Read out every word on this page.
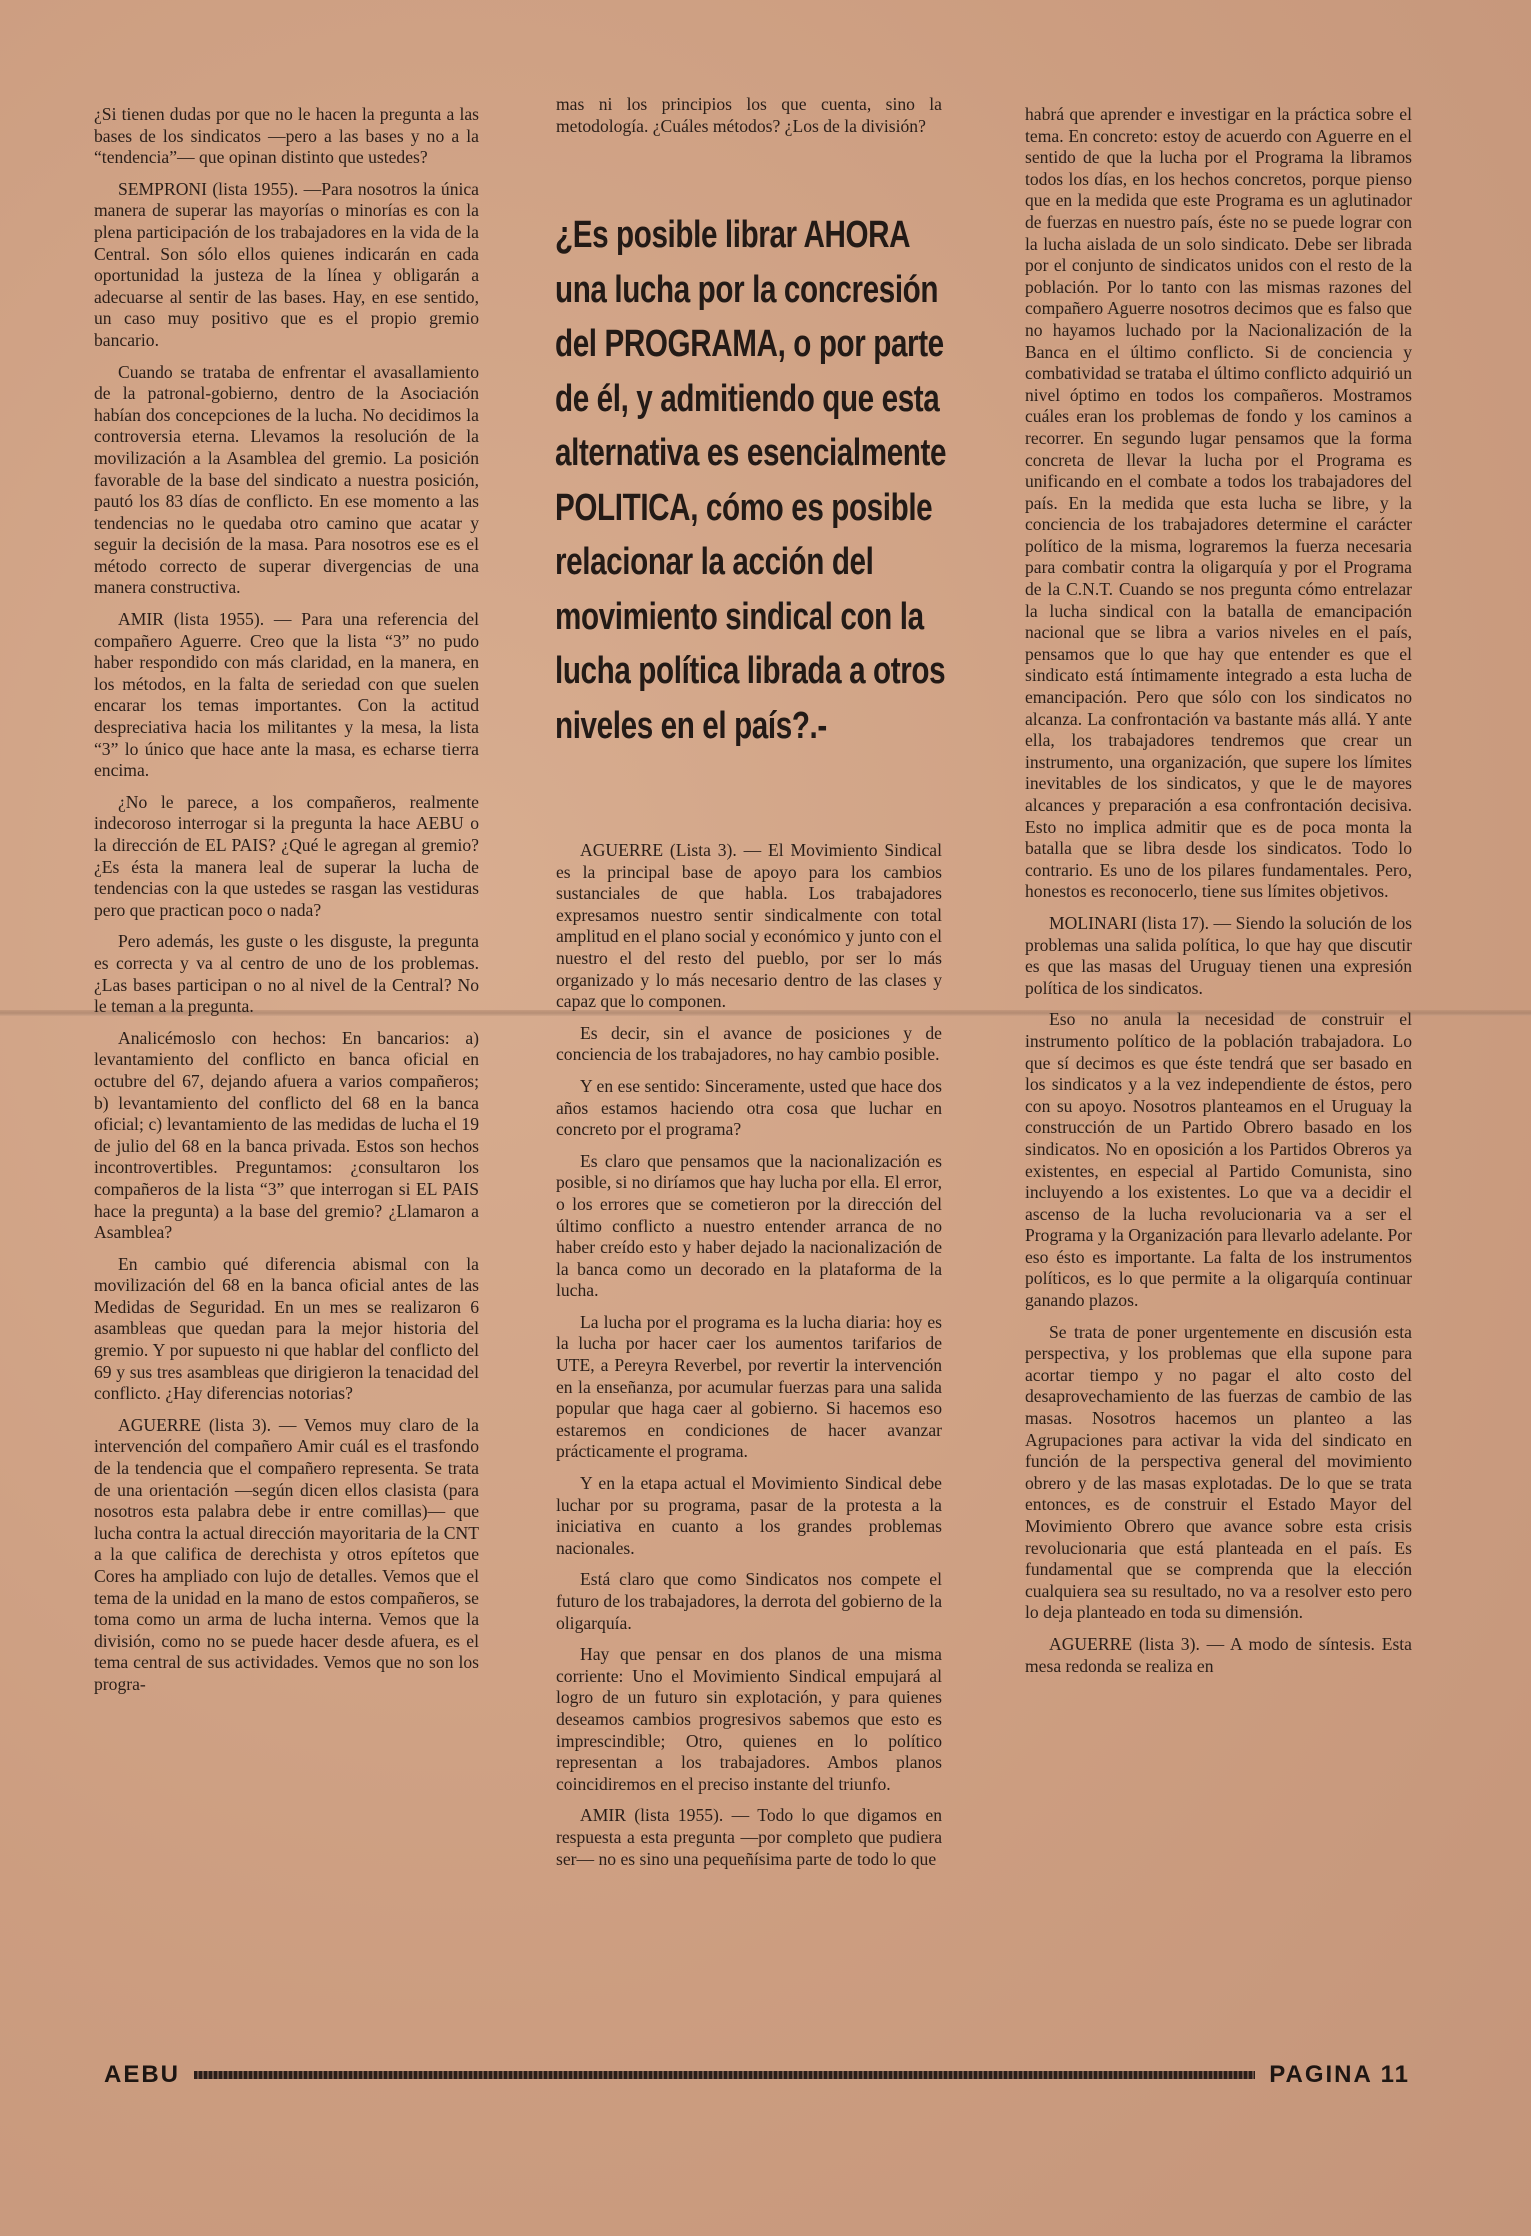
¿Si tienen dudas por que no le hacen la pregunta a las bases de los sindicatos —pero a las bases y no a la “tendencia”— que opinan distinto que ustedes?

SEMPRONI (lista 1955). —Para nosotros la única manera de superar las mayorías o minorías es con la plena participación de los trabajadores en la vida de la Central. Son sólo ellos quienes indicarán en cada oportunidad la justeza de la línea y obligarán a adecuarse al sentir de las bases. Hay, en ese sentido, un caso muy positivo que es el propio gremio bancario.

Cuando se trataba de enfrentar el avasallamiento de la patronal-gobierno, dentro de la Asociación habían dos concepciones de la lucha. No decidimos la controversia eterna. Llevamos la resolución de la movilización a la Asamblea del gremio. La posición favorable de la base del sindicato a nuestra posición, pautó los 83 días de conflicto. En ese momento a las tendencias no le quedaba otro camino que acatar y seguir la decisión de la masa. Para nosotros ese es el método correcto de superar divergencias de una manera constructiva.

AMIR (lista 1955). — Para una referencia del compañero Aguerre. Creo que la lista “3” no pudo haber respondido con más claridad, en la manera, en los métodos, en la falta de seriedad con que suelen encarar los temas importantes. Con la actitud despreciativa hacia los militantes y la mesa, la lista “3” lo único que hace ante la masa, es echarse tierra encima.

¿No le parece, a los compañeros, realmente indecoroso interrogar si la pregunta la hace AEBU o la dirección de EL PAIS? ¿Qué le agregan al gremio? ¿Es ésta la manera leal de superar la lucha de tendencias con la que ustedes se rasgan las vestiduras pero que practican poco o nada?

Pero además, les guste o les disguste, la pregunta es correcta y va al centro de uno de los problemas. ¿Las bases participan o no al nivel de la Central? No le teman a la pregunta.

Analicémoslo con hechos: En bancarios: a) levantamiento del conflicto en banca oficial en octubre del 67, dejando afuera a varios compañeros; b) levantamiento del conflicto del 68 en la banca oficial; c) levantamiento de las medidas de lucha el 19 de julio del 68 en la banca privada. Estos son hechos incontrovertibles. Preguntamos: ¿consultaron los compañeros de la lista “3” que interrogan si EL PAIS hace la pregunta) a la base del gremio? ¿Llamaron a Asamblea?

En cambio qué diferencia abismal con la movilización del 68 en la banca oficial antes de las Medidas de Seguridad. En un mes se realizaron 6 asambleas que quedan para la mejor historia del gremio. Y por supuesto ni que hablar del conflicto del 69 y sus tres asambleas que dirigieron la tenacidad del conflicto. ¿Hay diferencias notorias?

AGUERRE (lista 3). — Vemos muy claro de la intervención del compañero Amir cuál es el trasfondo de la tendencia que el compañero representa. Se trata de una orientación —según dicen ellos clasista (para nosotros esta palabra debe ir entre comillas)— que lucha contra la actual dirección mayoritaria de la CNT a la que califica de derechista y otros epítetos que Cores ha ampliado con lujo de detalles. Vemos que el tema de la unidad en la mano de estos compañeros, se toma como un arma de lucha interna. Vemos que la división, como no se puede hacer desde afuera, es el tema central de sus actividades. Vemos que no son los progra-

mas ni los principios los que cuenta, sino la metodología. ¿Cuáles métodos? ¿Los de la división?

¿Es posible librar AHORA una lucha por la concresión del PROGRAMA, o por parte de él, y admitiendo que esta alternativa es esencialmente POLITICA, cómo es posible relacionar la acción del movimiento sindical con la lucha política librada a otros niveles en el país?.-

AGUERRE (Lista 3). — El Movimiento Sindical es la principal base de apoyo para los cambios sustanciales de que habla. Los trabajadores expresamos nuestro sentir sindicalmente con total amplitud en el plano social y económico y junto con el nuestro el del resto del pueblo, por ser lo más organizado y lo más necesario dentro de las clases y capaz que lo componen.

Es decir, sin el avance de posiciones y de conciencia de los trabajadores, no hay cambio posible.

Y en ese sentido: Sinceramente, usted que hace dos años estamos haciendo otra cosa que luchar en concreto por el programa?

Es claro que pensamos que la nacionalización es posible, si no diríamos que hay lucha por ella. El error, o los errores que se cometieron por la dirección del último conflicto a nuestro entender arranca de no haber creído esto y haber dejado la nacionalización de la banca como un decorado en la plataforma de la lucha.

La lucha por el programa es la lucha diaria: hoy es la lucha por hacer caer los aumentos tarifarios de UTE, a Pereyra Reverbel, por revertir la intervención en la enseñanza, por acumular fuerzas para una salida popular que haga caer al gobierno. Si hacemos eso estaremos en condiciones de hacer avanzar prácticamente el programa.

Y en la etapa actual el Movimiento Sindical debe luchar por su programa, pasar de la protesta a la iniciativa en cuanto a los grandes problemas nacionales.

Está claro que como Sindicatos nos compete el futuro de los trabajadores, la derrota del gobierno de la oligarquía.

Hay que pensar en dos planos de una misma corriente: Uno el Movimiento Sindical empujará al logro de un futuro sin explotación, y para quienes deseamos cambios progresivos sabemos que esto es imprescindible; Otro, quienes en lo político representan a los trabajadores. Ambos planos coincidiremos en el preciso instante del triunfo.

AMIR (lista 1955). — Todo lo que digamos en respuesta a esta pregunta —por completo que pudiera ser— no es sino una pequeñísima parte de todo lo que

habrá que aprender e investigar en la práctica sobre el tema. En concreto: estoy de acuerdo con Aguerre en el sentido de que la lucha por el Programa la libramos todos los días, en los hechos concretos, porque pienso que en la medida que este Programa es un aglutinador de fuerzas en nuestro país, éste no se puede lograr con la lucha aislada de un solo sindicato. Debe ser librada por el conjunto de sindicatos unidos con el resto de la población. Por lo tanto con las mismas razones del compañero Aguerre nosotros decimos que es falso que no hayamos luchado por la Nacionalización de la Banca en el último conflicto. Si de conciencia y combatividad se trataba el último conflicto adquirió un nivel óptimo en todos los compañeros. Mostramos cuáles eran los problemas de fondo y los caminos a recorrer. En segundo lugar pensamos que la forma concreta de llevar la lucha por el Programa es unificando en el combate a todos los trabajadores del país. En la medida que esta lucha se libre, y la conciencia de los trabajadores determine el carácter político de la misma, lograremos la fuerza necesaria para combatir contra la oligarquía y por el Programa de la C.N.T. Cuando se nos pregunta cómo entrelazar la lucha sindical con la batalla de emancipación nacional que se libra a varios niveles en el país, pensamos que lo que hay que entender es que el sindicato está íntimamente integrado a esta lucha de emancipación. Pero que sólo con los sindicatos no alcanza. La confrontación va bastante más allá. Y ante ella, los trabajadores tendremos que crear un instrumento, una organización, que supere los límites inevitables de los sindicatos, y que le de mayores alcances y preparación a esa confrontación decisiva. Esto no implica admitir que es de poca monta la batalla que se libra desde los sindicatos. Todo lo contrario. Es uno de los pilares fundamentales. Pero, honestos es reconocerlo, tiene sus límites objetivos.

MOLINARI (lista 17). — Siendo la solución de los problemas una salida política, lo que hay que discutir es que las masas del Uruguay tienen una expresión política de los sindicatos.

Eso no anula la necesidad de construir el instrumento político de la población trabajadora. Lo que sí decimos es que éste tendrá que ser basado en los sindicatos y a la vez independiente de éstos, pero con su apoyo. Nosotros planteamos en el Uruguay la construcción de un Partido Obrero basado en los sindicatos. No en oposición a los Partidos Obreros ya existentes, en especial al Partido Comunista, sino incluyendo a los existentes. Lo que va a decidir el ascenso de la lucha revolucionaria va a ser el Programa y la Organización para llevarlo adelante. Por eso ésto es importante. La falta de los instrumentos políticos, es lo que permite a la oligarquía continuar ganando plazos.

Se trata de poner urgentemente en discusión esta perspectiva, y los problemas que ella supone para acortar tiempo y no pagar el alto costo del desaprovechamiento de las fuerzas de cambio de las masas. Nosotros hacemos un planteo a las Agrupaciones para activar la vida del sindicato en función de la perspectiva general del movimiento obrero y de las masas explotadas. De lo que se trata entonces, es de construir el Estado Mayor del Movimiento Obrero que avance sobre esta crisis revolucionaria que está planteada en el país. Es fundamental que se comprenda que la elección cualquiera sea su resultado, no va a resolver esto pero lo deja planteado en toda su dimensión.

AGUERRE (lista 3). — A modo de síntesis. Esta mesa redonda se realiza en

AEBU	PAGINA 11
